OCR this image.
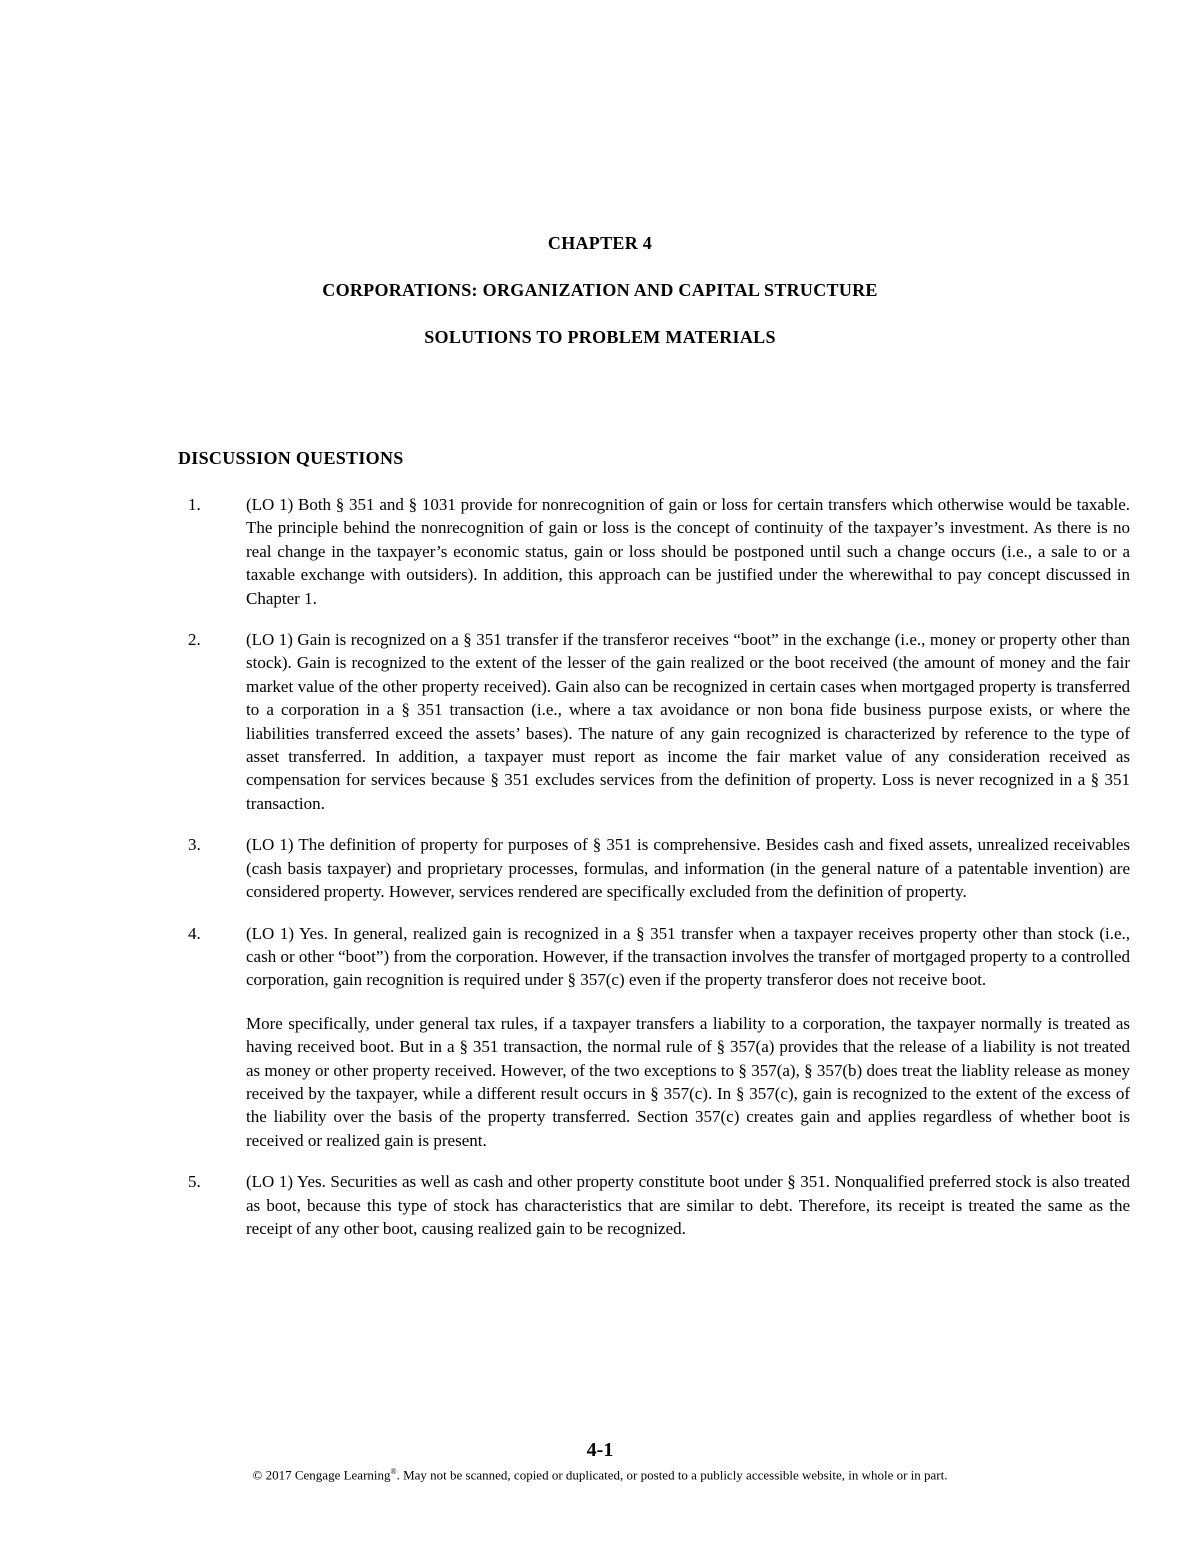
CHAPTER 4

CORPORATIONS: ORGANIZATION AND CAPITAL STRUCTURE

SOLUTIONS TO PROBLEM MATERIALS

DISCUSSION QUESTIONS

1.	(LO 1) Both § 351 and § 1031 provide for nonrecognition of gain or loss for certain transfers which otherwise would be taxable. The principle behind the nonrecognition of gain or loss is the concept of continuity of the taxpayer’s investment. As there is no real change in the taxpayer’s economic status, gain or loss should be postponed until such a change occurs (i.e., a sale to or a taxable exchange with outsiders). In addition, this approach can be justified under the wherewithal to pay concept discussed in Chapter 1.

2.	(LO 1) Gain is recognized on a § 351 transfer if the transferor receives “boot” in the exchange (i.e., money or property other than stock). Gain is recognized to the extent of the lesser of the gain realized or the boot received (the amount of money and the fair market value of the other property received). Gain also can be recognized in certain cases when mortgaged property is transferred to a corporation in a § 351 transaction (i.e., where a tax avoidance or non bona fide business purpose exists, or where the liabilities transferred exceed the assets’ bases). The nature of any gain recognized is characterized by reference to the type of asset transferred. In addition, a taxpayer must report as income the fair market value of any consideration received as compensation for services because § 351 excludes services from the definition of property. Loss is never recognized in a § 351 transaction.

3.	(LO 1) The definition of property for purposes of § 351 is comprehensive. Besides cash and fixed assets, unrealized receivables (cash basis taxpayer) and proprietary processes, formulas, and information (in the general nature of a patentable invention) are considered property. However, services rendered are specifically excluded from the definition of property.

4.	(LO 1) Yes. In general, realized gain is recognized in a § 351 transfer when a taxpayer receives property other than stock (i.e., cash or other “boot”) from the corporation. However, if the transaction involves the transfer of mortgaged property to a controlled corporation, gain recognition is required under § 357(c) even if the property transferor does not receive boot.

More specifically, under general tax rules, if a taxpayer transfers a liability to a corporation, the taxpayer normally is treated as having received boot. But in a § 351 transaction, the normal rule of § 357(a) provides that the release of a liability is not treated as money or other property received. However, of the two exceptions to § 357(a), § 357(b) does treat the liablity release as money received by the taxpayer, while a different result occurs in § 357(c). In § 357(c), gain is recognized to the extent of the excess of the liability over the basis of the property transferred. Section 357(c) creates gain and applies regardless of whether boot is received or realized gain is present.

5.	(LO 1) Yes. Securities as well as cash and other property constitute boot under § 351. Nonqualified preferred stock is also treated as boot, because this type of stock has characteristics that are similar to debt. Therefore, its receipt is treated the same as the receipt of any other boot, causing realized gain to be recognized.

4-1

© 2017 Cengage Learning®. May not be scanned, copied or duplicated, or posted to a publicly accessible website, in whole or in part.
